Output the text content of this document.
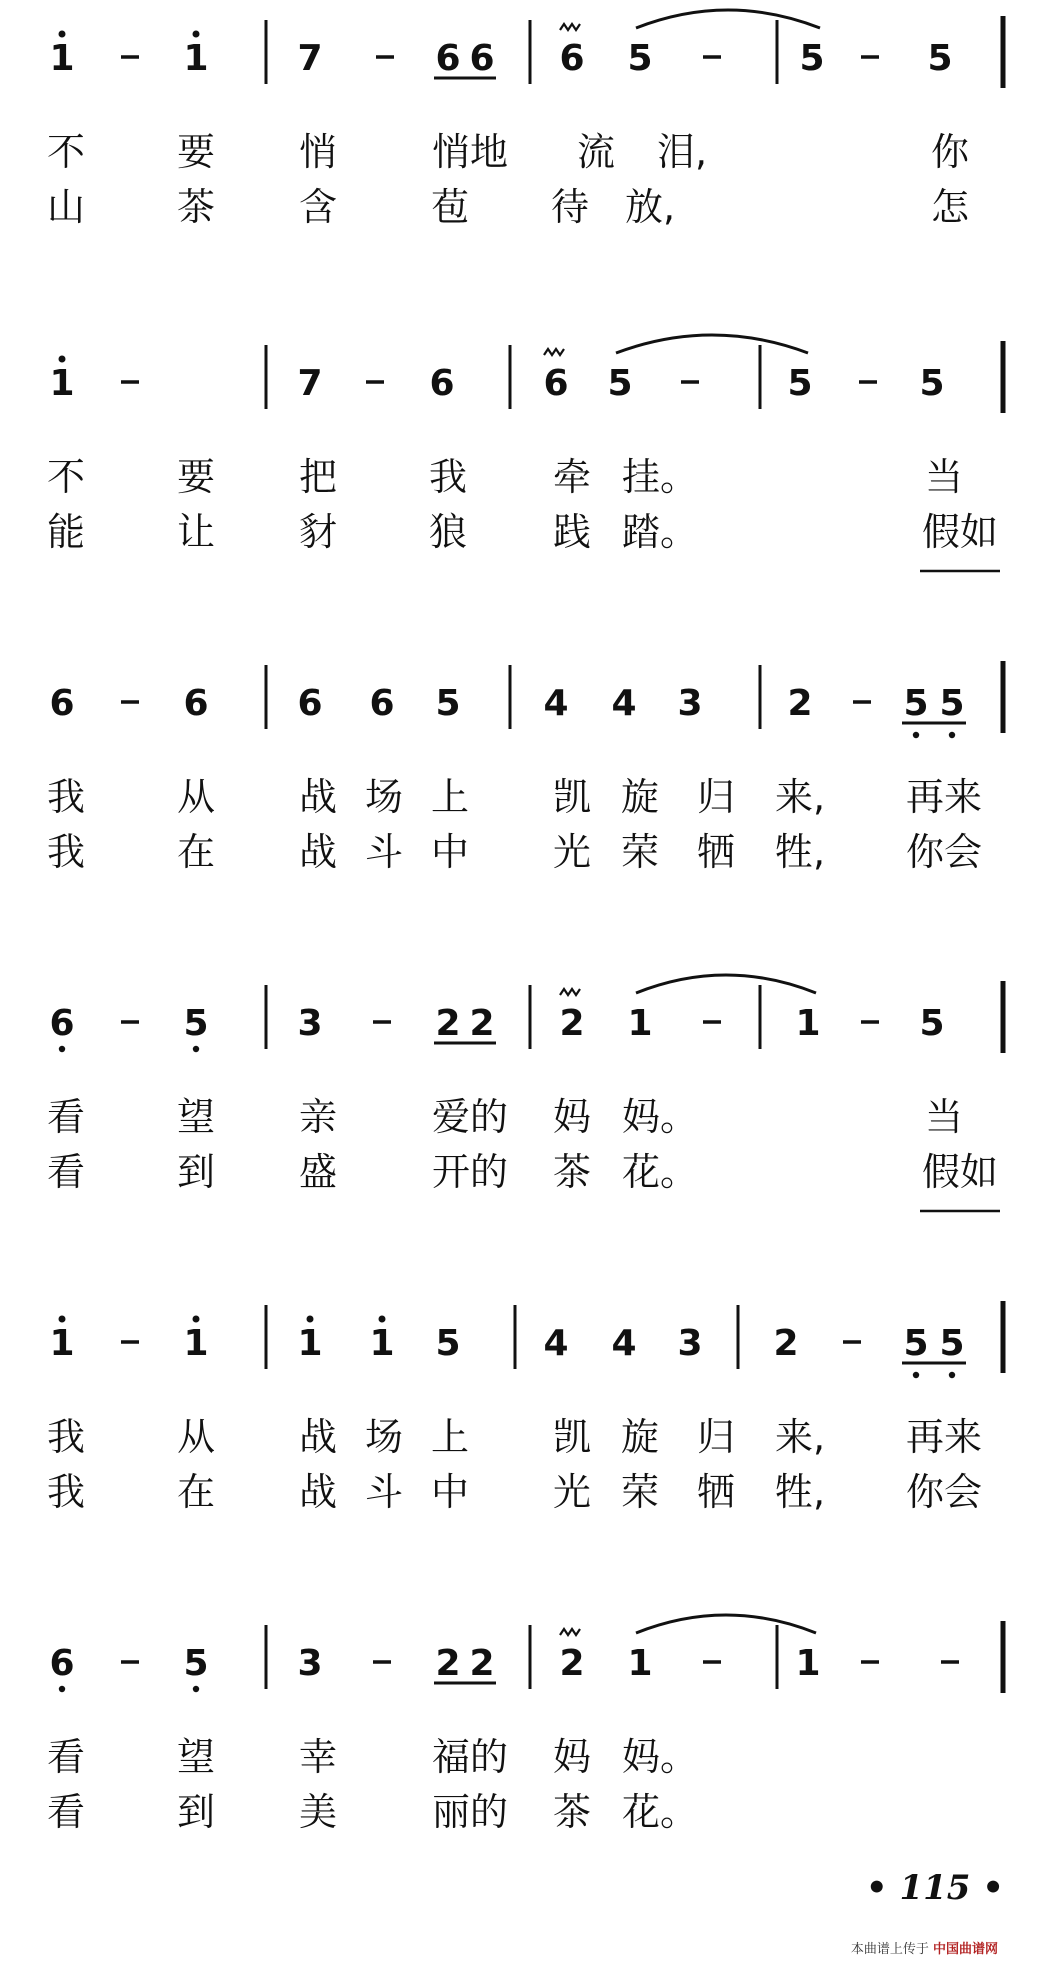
1	1 7	6 6 6 5	5	5
不 要 悄 悄地 流 泪,	你
山 茶 含 苞 待 放,	怎
1	7	6 6 5	5	5
不 要 把 我 牵 挂。	当
能 让 豺 狼 践 踏。	假如
6	6 6 6 5 4 4 3 2	5 5
我 从 战 场 上 凯 旋 归 来, 再来
我 在 战 斗 中 光 荣 牺 牲, 你会
6	5 3	2 2 2 1	1	5
看 望 亲 爱的 妈 妈。	当
看 到 盛 开的 茶 花。	假如
1	1 1 1 5 4 4 3 2	5 5
我 从 战 场 上 凯 旋 归 来, 再来
我 在 战 斗 中 光 荣 牺 牲, 你会
6	5 3	2 2 2 1	1
看 望 幸 福的 妈 妈。
看 到 美 丽的 茶 花。
• 115 •
本曲谱上传于 中国曲谱网
